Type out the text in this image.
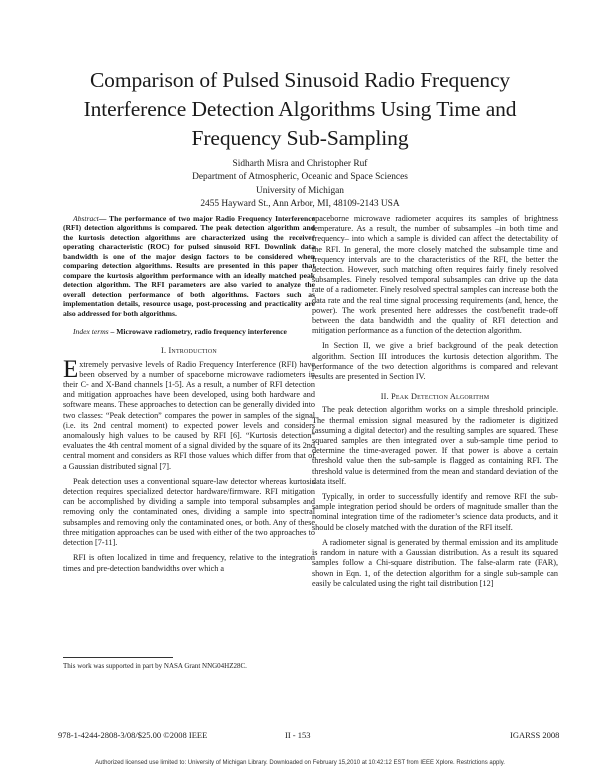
Comparison of Pulsed Sinusoid Radio Frequency Interference Detection Algorithms Using Time and Frequency Sub-Sampling
Sidharth Misra and Christopher Ruf
Department of Atmospheric, Oceanic and Space Sciences
University of Michigan
2455 Hayward St., Ann Arbor, MI, 48109-2143 USA

Abstract— The performance of two major Radio Frequency Interference (RFI) detection algorithms is compared. The peak detection algorithm and the kurtosis detection algorithms are characterized using the receiver operating characteristic (ROC) for pulsed sinusoid RFI. Downlink data bandwidth is one of the major design factors to be considered when comparing detection algorithms. Results are presented in this paper that compare the kurtosis algorithm performance with an ideally matched peak detection algorithm. The RFI parameters are also varied to analyze the overall detection performance of both algorithms. Factors such as implementation details, resource usage, post-processing and practicality are also addressed for both algorithms.

Index terms – Microwave radiometry, radio frequency interference

I. Introduction

Extremely pervasive levels of Radio Frequency Interference (RFI) have been observed by a number of spaceborne microwave radiometers in their C- and X-Band channels [1-5]. As a result, a number of RFI detection and mitigation approaches have been developed, using both hardware and software means. These approaches to detection can be generally divided into two classes: “Peak detection” compares the power in samples of the signal (i.e. its 2nd central moment) to expected power levels and considers anomalously high values to be caused by RFI [6]. “Kurtosis detection” evaluates the 4th central moment of a signal divided by the square of its 2nd central moment and considers as RFI those values which differ from that of a Gaussian distributed signal [7].

Peak detection uses a conventional square-law detector whereas kurtosis detection requires specialized detector hardware/firmware. RFI mitigation can be accomplished by dividing a sample into temporal subsamples and removing only the contaminated ones, dividing a sample into spectral subsamples and removing only the contaminated ones, or both. Any of these three mitigation approaches can be used with either of the two approaches to detection [7-11].

RFI is often localized in time and frequency, relative to the integration times and pre-detection bandwidths over which a

spaceborne microwave radiometer acquires its samples of brightness temperature. As a result, the number of subsamples –in both time and frequency– into which a sample is divided can affect the detectability of the RFI. In general, the more closely matched the subsample time and frequency intervals are to the characteristics of the RFI, the better the detection. However, such matching often requires fairly finely resolved subsamples. Finely resolved temporal subsamples can drive up the data rate of a radiometer. Finely resolved spectral samples can increase both the data rate and the real time signal processing requirements (and, hence, the power). The work presented here addresses the cost/benefit trade-off between the data bandwidth and the quality of RFI detection and mitigation performance as a function of the detection algorithm.

In Section II, we give a brief background of the peak detection algorithm. Section III introduces the kurtosis detection algorithm. The performance of the two detection algorithms is compared and relevant results are presented in Section IV.

II. Peak Detection Algorithm

The peak detection algorithm works on a simple threshold principle. The thermal emission signal measured by the radiometer is digitized (assuming a digital detector) and the resulting samples are squared. These squared samples are then integrated over a sub-sample time period to determine the time-averaged power. If that power is above a certain threshold value then the sub-sample is flagged as containing RFI. The threshold value is determined from the mean and standard deviation of the data itself.

Typically, in order to successfully identify and remove RFI the sub-sample integration period should be orders of magnitude smaller than the nominal integration time of the radiometer’s science data products, and it should be closely matched with the duration of the RFI itself.

A radiometer signal is generated by thermal emission and its amplitude is random in nature with a Gaussian distribution. As a result its squared samples follow a Chi-square distribution. The false-alarm rate (FAR), shown in Eqn. 1, of the detection algorithm for a single sub-sample can easily be calculated using the right tail distribution [12]

This work was supported in part by NASA Grant NNG04HZ28C.
978-1-4244-2808-3/08/$25.00 ©2008 IEEE	II - 153	IGARSS 2008
Authorized licensed use limited to: University of Michigan Library. Downloaded on February 15,2010 at 10:42:12 EST from IEEE Xplore. Restrictions apply.
